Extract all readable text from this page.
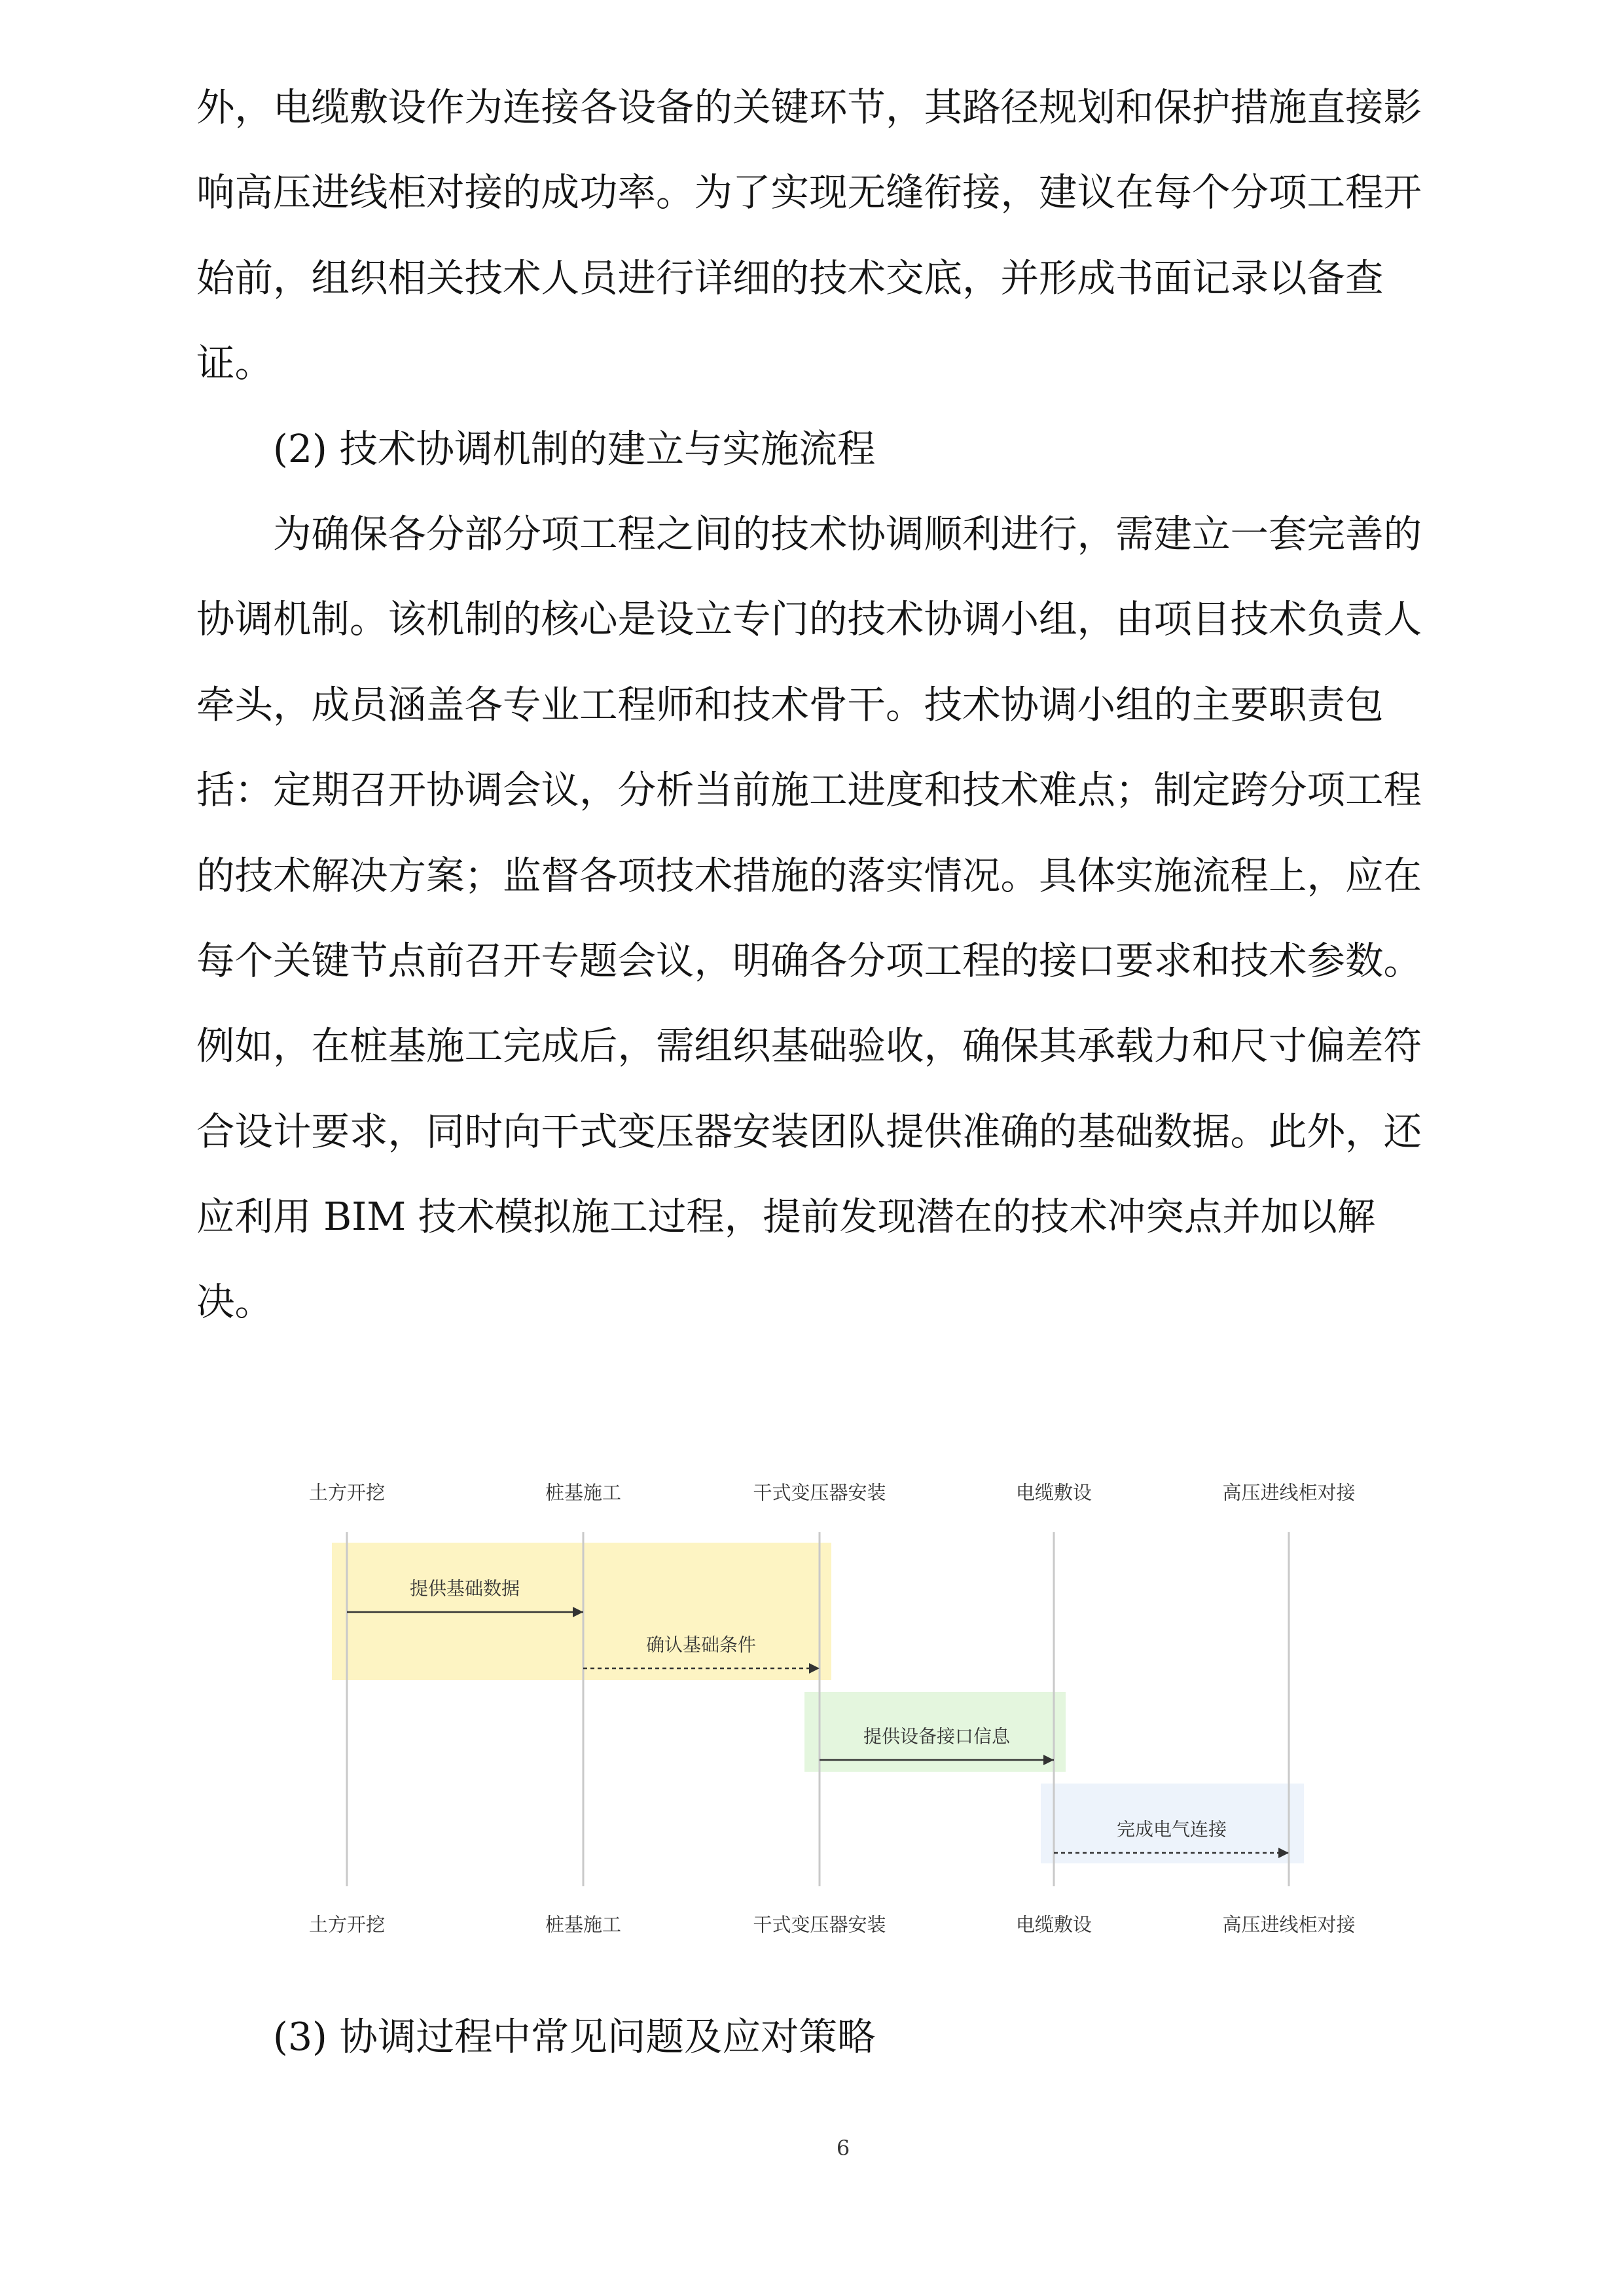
外，电缆敷设作为连接各设备的关键环节，其路径规划和保护措施直接影
响高压进线柜对接的成功率。为了实现无缝衔接，建议在每个分项工程开
始前，组织相关技术人员进行详细的技术交底，并形成书面记录以备查
证。
(2) 技术协调机制的建立与实施流程
为确保各分部分项工程之间的技术协调顺利进行，需建立一套完善的
协调机制。该机制的核心是设立专门的技术协调小组，由项目技术负责人
牵头，成员涵盖各专业工程师和技术骨干。技术协调小组的主要职责包
括：定期召开协调会议，分析当前施工进度和技术难点；制定跨分项工程
的技术解决方案；监督各项技术措施的落实情况。具体实施流程上，应在
每个关键节点前召开专题会议，明确各分项工程的接口要求和技术参数。
例如，在桩基施工完成后，需组织基础验收，确保其承载力和尺寸偏差符
合设计要求，同时向干式变压器安装团队提供准确的基础数据。此外，还
应利用 BIM 技术模拟施工过程，提前发现潜在的技术冲突点并加以解
决。
土方开挖	桩基施工	干式变压器安装	电缆敷设	高压进线柜对接
土方开挖	桩基施工	干式变压器安装	电缆敷设	高压进线柜对接
提供基础数据
确认基础条件
提供设备接口信息
完成电气连接
(3) 协调过程中常见问题及应对策略
6
